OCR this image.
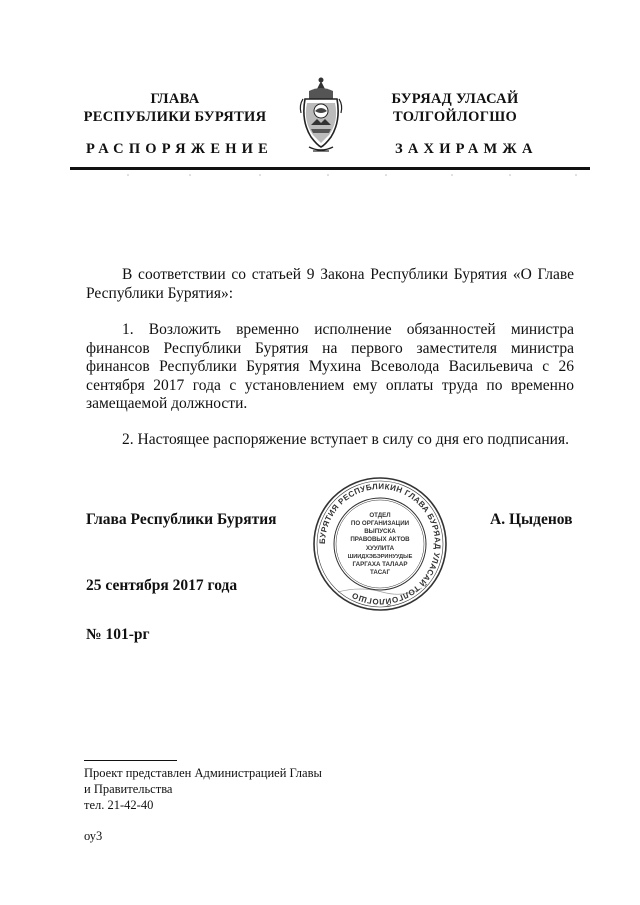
ГЛАВА
РЕСПУБЛИКИ БУРЯТИЯ
БУРЯАД УЛАСАЙ
ТОЛГОЙЛОГШО
РАСПОРЯЖЕНИЕ	ЗАХИРАМЖА
В соответствии со статьей 9 Закона Республики Бурятия «О Главе Республики Бурятия»:
1. Возложить временно исполнение обязанностей министра финансов Республики Бурятия на первого заместителя министра финансов Республики Бурятия Мухина Всеволода Васильевича с 26 сентября 2017 года с установлением ему оплаты труда по временно замещаемой должности.
2. Настоящее распоряжение вступает в силу со дня его подписания.
Глава Республики Бурятия
БУРЯТИЯ РЕСПУБЛИКИН ГЛАВА БУРЯАД УЛАСАЙ ТОЛГОЙЛОГШО
ОТДЕЛ
ПО ОРГАНИЗАЦИИ
ВЫПУСКА
ПРАВОВЫХ АКТОВ
ХУУЛИТА
ШИИДХЭБЭРИНУУДЫЕ
ГАРГАХА ТАЛААР
ТАСАГ
А. Цыденов
25 сентября 2017 года
№ 101-рг
Проект представлен Администрацией Главы
и Правительства
тел. 21-42-40
оу3
